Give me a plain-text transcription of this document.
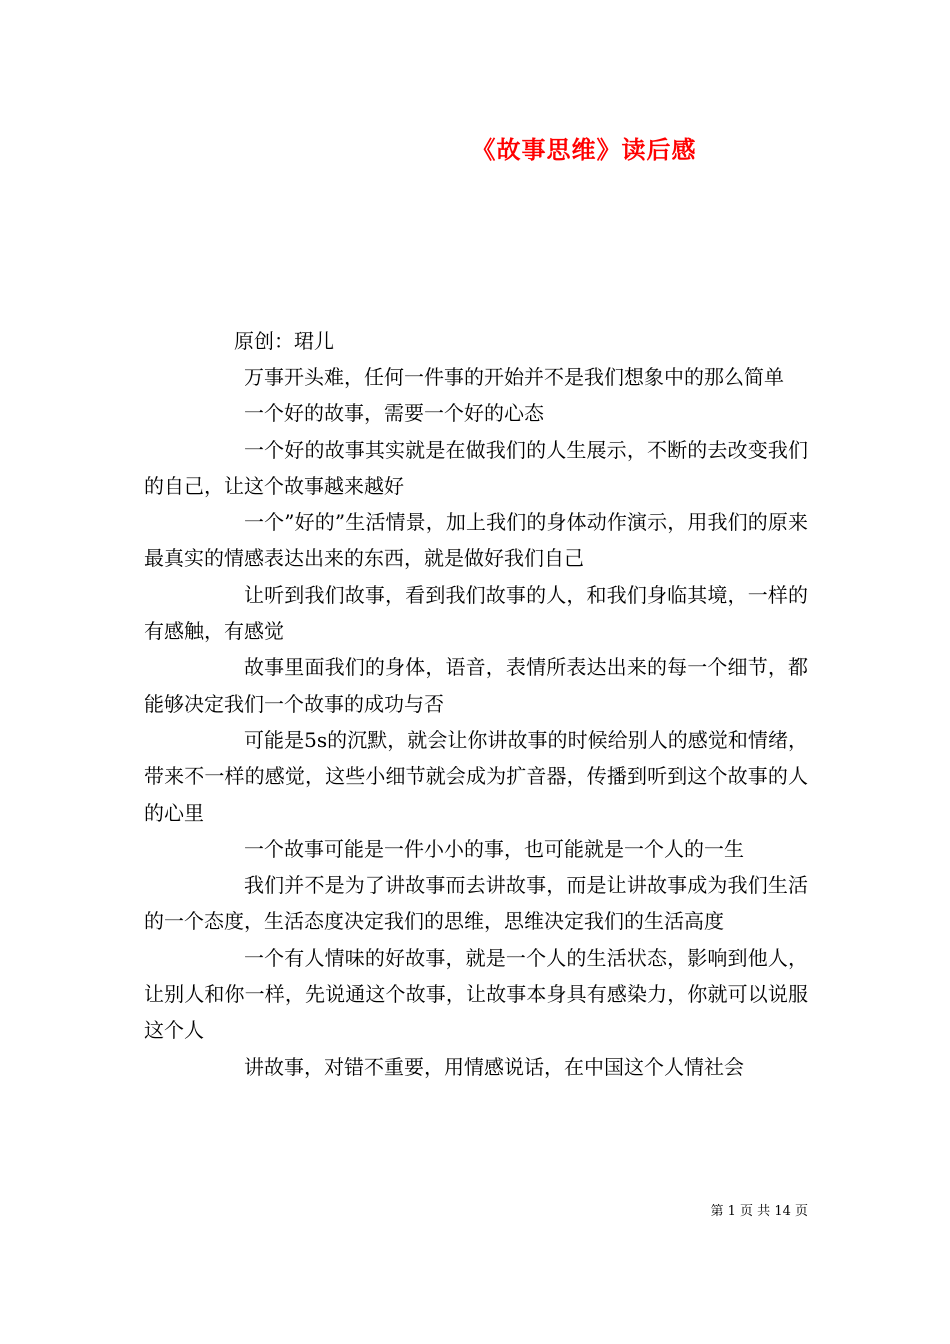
《故事思维》读后感
原创：珺儿

万事开头难，任何一件事的开始并不是我们想象中的那么简单

一个好的故事，需要一个好的心态

一个好的故事其实就是在做我们的人生展示，不断的去改变我们的自己，让这个故事越来越好

一个”好的”生活情景，加上我们的身体动作演示，用我们的原来最真实的情感表达出来的东西，就是做好我们自己

让听到我们故事，看到我们故事的人，和我们身临其境，一样的有感触，有感觉

故事里面我们的身体，语音，表情所表达出来的每一个细节，都能够决定我们一个故事的成功与否

可能是5s的沉默，就会让你讲故事的时候给别人的感觉和情绪，带来不一样的感觉，这些小细节就会成为扩音器，传播到听到这个故事的人的心里

一个故事可能是一件小小的事，也可能就是一个人的一生

我们并不是为了讲故事而去讲故事，而是让讲故事成为我们生活的一个态度，生活态度决定我们的思维，思维决定我们的生活高度

一个有人情味的好故事，就是一个人的生活状态，影响到他人，让别人和你一样，先说通这个故事，让故事本身具有感染力，你就可以说服这个人

讲故事，对错不重要，用情感说话，在中国这个人情社会

第 1 页 共 14 页
